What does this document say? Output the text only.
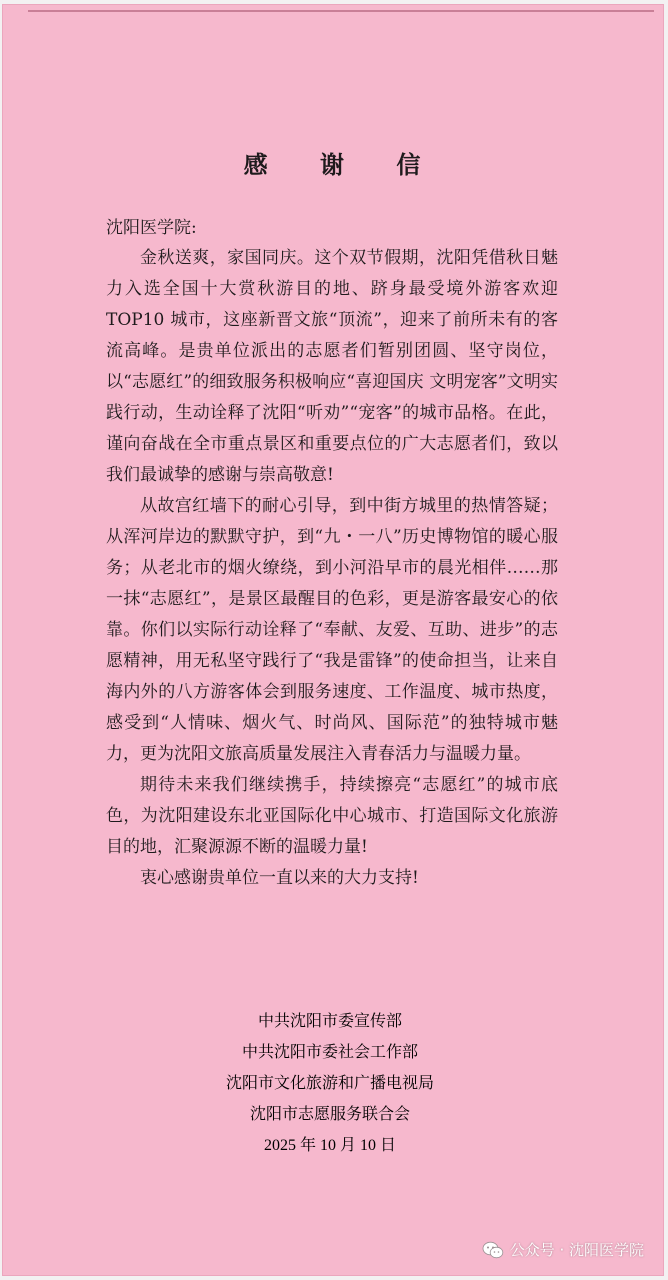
感 谢 信
沈阳医学院:

金秋送爽，家国同庆。这个双节假期，沈阳凭借秋日魅力入选全国十大赏秋游目的地、跻身最受境外游客欢迎 TOP10 城市，这座新晋文旅“顶流”，迎来了前所未有的客流高峰。是贵单位派出的志愿者们暂别团圆、坚守岗位，以“志愿红”的细致服务积极响应“喜迎国庆 文明宠客”文明实践行动，生动诠释了沈阳“听劝”“宠客”的城市品格。在此，谨向奋战在全市重点景区和重要点位的广大志愿者们，致以我们最诚挚的感谢与崇高敬意!

从故宫红墙下的耐心引导，到中街方城里的热情答疑；从浑河岸边的默默守护，到“九・一八”历史博物馆的暖心服务；从老北市的烟火缭绕，到小河沿早市的晨光相伴……那一抹“志愿红”，是景区最醒目的色彩，更是游客最安心的依靠。你们以实际行动诠释了“奉献、友爱、互助、进步”的志愿精神，用无私坚守践行了“我是雷锋”的使命担当，让来自海内外的八方游客体会到服务速度、工作温度、城市热度，感受到“人情味、烟火气、时尚风、国际范”的独特城市魅力，更为沈阳文旅高质量发展注入青春活力与温暖力量。

期待未来我们继续携手，持续擦亮“志愿红”的城市底色，为沈阳建设东北亚国际化中心城市、打造国际文化旅游目的地，汇聚源源不断的温暖力量!

衷心感谢贵单位一直以来的大力支持!

中共沈阳市委宣传部
中共沈阳市委社会工作部
沈阳市文化旅游和广播电视局
沈阳市志愿服务联合会
2025 年 10 月 10 日
公众号 · 沈阳医学院
